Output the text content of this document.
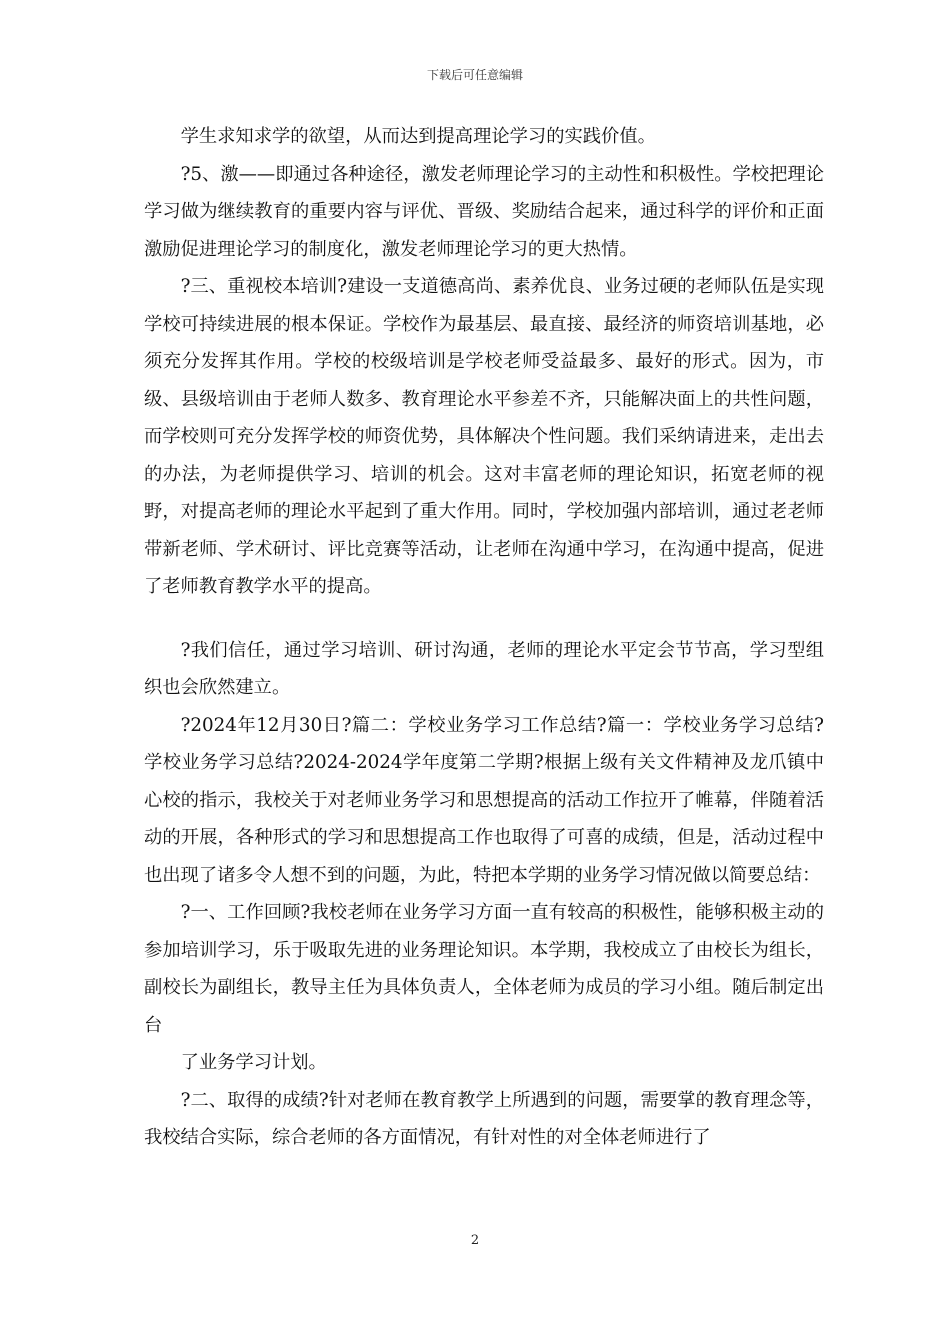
下载后可任意编辑

学生求知求学的欲望，从而达到提高理论学习的实践价值。

?5、激——即通过各种途径，激发老师理论学习的主动性和积极性。学校把理论学习做为继续教育的重要内容与评优、晋级、奖励结合起来，通过科学的评价和正面激励促进理论学习的制度化，激发老师理论学习的更大热情。

?三、重视校本培训?建设一支道德高尚、素养优良、业务过硬的老师队伍是实现学校可持续进展的根本保证。学校作为最基层、最直接、最经济的师资培训基地，必须充分发挥其作用。学校的校级培训是学校老师受益最多、最好的形式。因为，市级、县级培训由于老师人数多、教育理论水平参差不齐，只能解决面上的共性问题，而学校则可充分发挥学校的师资优势，具体解决个性问题。我们采纳请进来，走出去的办法，为老师提供学习、培训的机会。这对丰富老师的理论知识，拓宽老师的视野，对提高老师的理论水平起到了重大作用。同时，学校加强内部培训，通过老老师带新老师、学术研讨、评比竞赛等活动，让老师在沟通中学习，在沟通中提高，促进了老师教育教学水平的提高。

?我们信任，通过学习培训、研讨沟通，老师的理论水平定会节节高，学习型组织也会欣然建立。

?2024年12月30日?篇二：学校业务学习工作总结?篇一：学校业务学习总结?学校业务学习总结?2024-2024学年度第二学期?根据上级有关文件精神及龙爪镇中心校的指示，我校关于对老师业务学习和思想提高的活动工作拉开了帷幕，伴随着活动的开展，各种形式的学习和思想提高工作也取得了可喜的成绩，但是，活动过程中也出现了诸多令人想不到的问题，为此，特把本学期的业务学习情况做以简要总结：

?一、工作回顾?我校老师在业务学习方面一直有较高的积极性，能够积极主动的参加培训学习，乐于吸取先进的业务理论知识。本学期，我校成立了由校长为组长，副校长为副组长，教导主任为具体负责人，全体老师为成员的学习小组。随后制定出台

了业务学习计划。

?二、取得的成绩?针对老师在教育教学上所遇到的问题，需要掌的教育理念等，我校结合实际，综合老师的各方面情况，有针对性的对全体老师进行了

2
